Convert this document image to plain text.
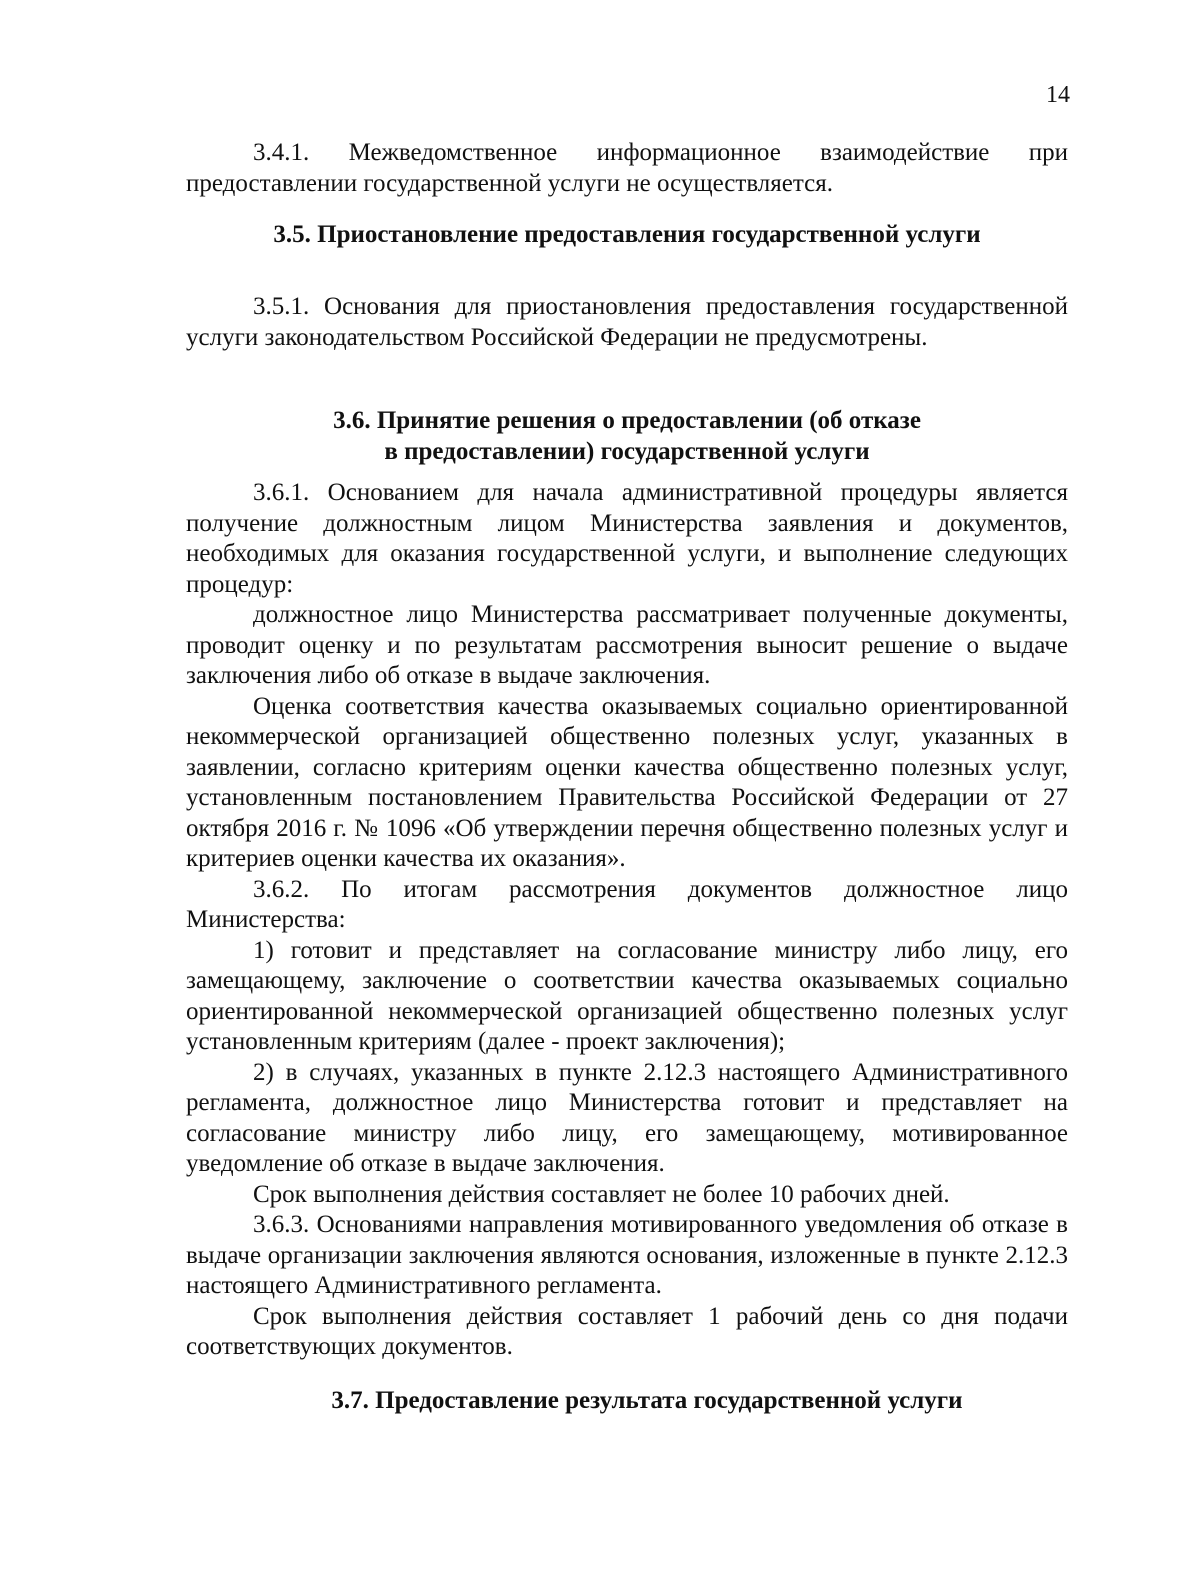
14

3.4.1. Межведомственное информационное взаимодействие при предоставлении государственной услуги не осуществляется.

3.5. Приостановление предоставления государственной услуги

3.5.1. Основания для приостановления предоставления государственной услуги законодательством Российской Федерации не предусмотрены.

3.6. Принятие решения о предоставлении (об отказе

в предоставлении) государственной услуги

3.6.1. Основанием для начала административной процедуры является получение должностным лицом Министерства заявления и документов, необходимых для оказания государственной услуги, и выполнение следующих процедур:

должностное лицо Министерства рассматривает полученные документы, проводит оценку и по результатам рассмотрения выносит решение о выдаче заключения либо об отказе в выдаче заключения.

Оценка соответствия качества оказываемых социально ориентированной некоммерческой организацией общественно полезных услуг, указанных в заявлении, согласно критериям оценки качества общественно полезных услуг, установленным постановлением Правительства Российской Федерации от 27 октября 2016 г. № 1096 «Об утверждении перечня общественно полезных услуг и критериев оценки качества их оказания».

3.6.2. По итогам рассмотрения документов должностное лицо Министерства:

1) готовит и представляет на согласование министру либо лицу, его замещающему, заключение о соответствии качества оказываемых социально ориентированной некоммерческой организацией общественно полезных услуг установленным критериям (далее - проект заключения);

2) в случаях, указанных в пункте 2.12.3 настоящего Административного регламента, должностное лицо Министерства готовит и представляет на согласование министру либо лицу, его замещающему, мотивированное уведомление об отказе в выдаче заключения.

Срок выполнения действия составляет не более 10 рабочих дней.

3.6.3. Основаниями направления мотивированного уведомления об отказе в выдаче организации заключения являются основания, изложенные в пункте 2.12.3 настоящего Административного регламента.

Срок выполнения действия составляет 1 рабочий день со дня подачи соответствующих документов.

3.7. Предоставление результата государственной услуги
